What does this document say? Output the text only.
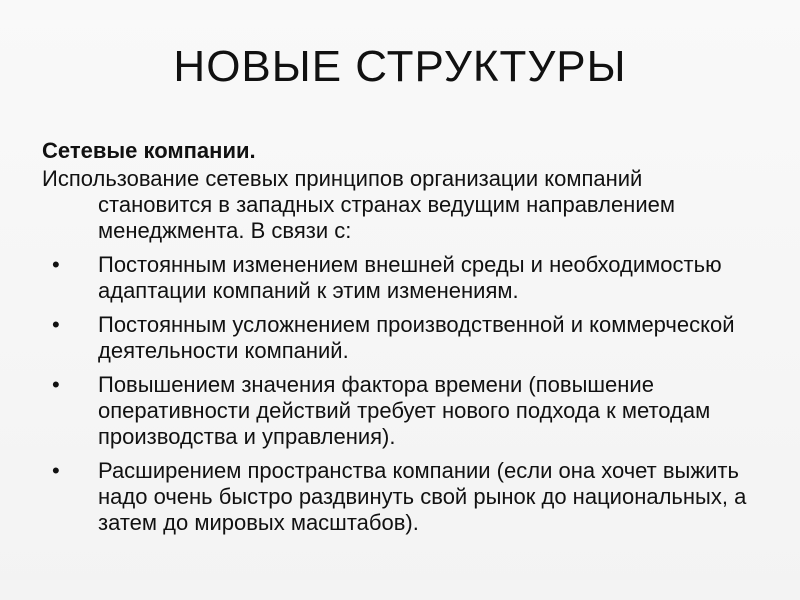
НОВЫЕ СТРУКТУРЫ

Сетевые компании.

Использование сетевых принципов организации компаний становится в западных странах ведущим направлением менеджмента. В связи с:

• Постоянным изменением внешней среды и необходимостью адаптации компаний к этим изменениям.
• Постоянным усложнением производственной и коммерческой деятельности компаний.
• Повышением значения фактора времени (повышение оперативности действий требует нового подхода к методам производства и управления).
• Расширением пространства компании (если она хочет выжить надо очень быстро раздвинуть свой рынок до национальных, а затем до мировых масштабов).
